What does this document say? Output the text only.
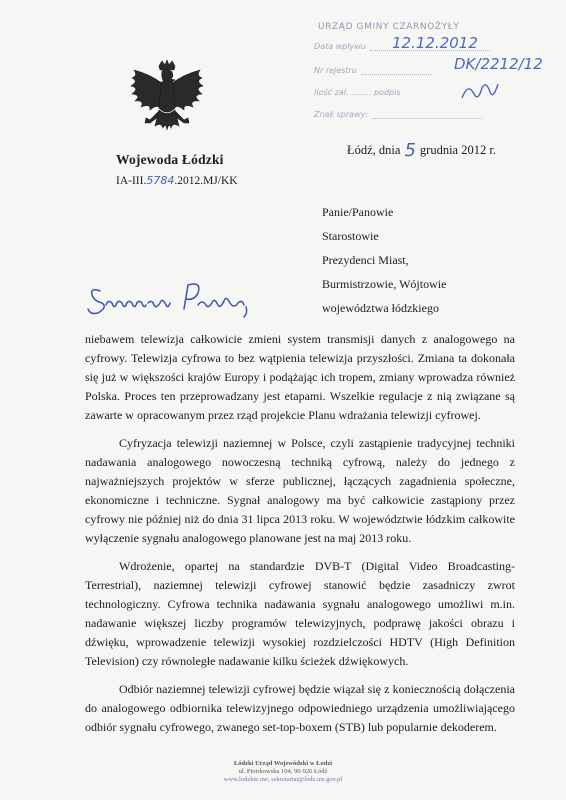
Wojewoda Łódzki
IA-III.5784.2012.MJ/KK
URZĄD GMINY CZARNOŻYŁY
Data wpływu	12.12.2012
Nr rejestru	DK/2212/12
Ilość zał. ........ podpis
Znak sprawy:
Łódź, dnia 5 grudnia 2012 r.
Panie/Panowie
Starostowie
Prezydenci Miast,
Burmistrzowie, Wójtowie
województwa łódzkiego

niebawem telewizja całkowicie zmieni system transmisji danych z analogowego na cyfrowy. Telewizja cyfrowa to bez wątpienia telewizja przyszłości. Zmiana ta dokonała się już w większości krajów Europy i podążając ich tropem, zmiany wprowadza również Polska. Proces ten przeprowadzany jest etapami. Wszelkie regulacje z nią związane są zawarte w opracowanym przez rząd projekcie Planu wdrażania telewizji cyfrowej.

Cyfryzacja telewizji naziemnej w Polsce, czyli zastąpienie tradycyjnej techniki nadawania analogowego nowoczesną techniką cyfrową, należy do jednego z najważniejszych projektów w sferze publicznej, łączących zagadnienia społeczne, ekonomiczne i techniczne. Sygnał analogowy ma być całkowicie zastąpiony przez cyfrowy nie później niż do dnia 31 lipca 2013 roku. W województwie łódzkim całkowite wyłączenie sygnału analogowego planowane jest na maj 2013 roku.

Wdrożenie, opartej na standardzie DVB-T (Digital Video Broadcasting-Terrestrial), naziemnej telewizji cyfrowej stanowić będzie zasadniczy zwrot technologiczny. Cyfrowa technika nadawania sygnału analogowego umożliwi m.in. nadawanie większej liczby programów telewizyjnych, podprawę jakości obrazu i dźwięku, wprowadzenie telewizji wysokiej rozdzielczości HDTV (High Definition Television) czy równoległe nadawanie kilku ścieżek dźwiękowych.

Odbiór naziemnej telewizji cyfrowej będzie wiązał się z koniecznością dołączenia do analogowego odbiornika telewizyjnego odpowiedniego urządzenia umożliwiającego odbiór sygnału cyfrowego, zwanego set-top-boxem (STB) lub popularnie dekoderem.

Łódzki Urząd Wojewódzki w Łodzi
ul. Piotrkowska 104, 90-926 Łódź
www.lodzkie.uw; sekretariat@lodz.uw.gov.pl
